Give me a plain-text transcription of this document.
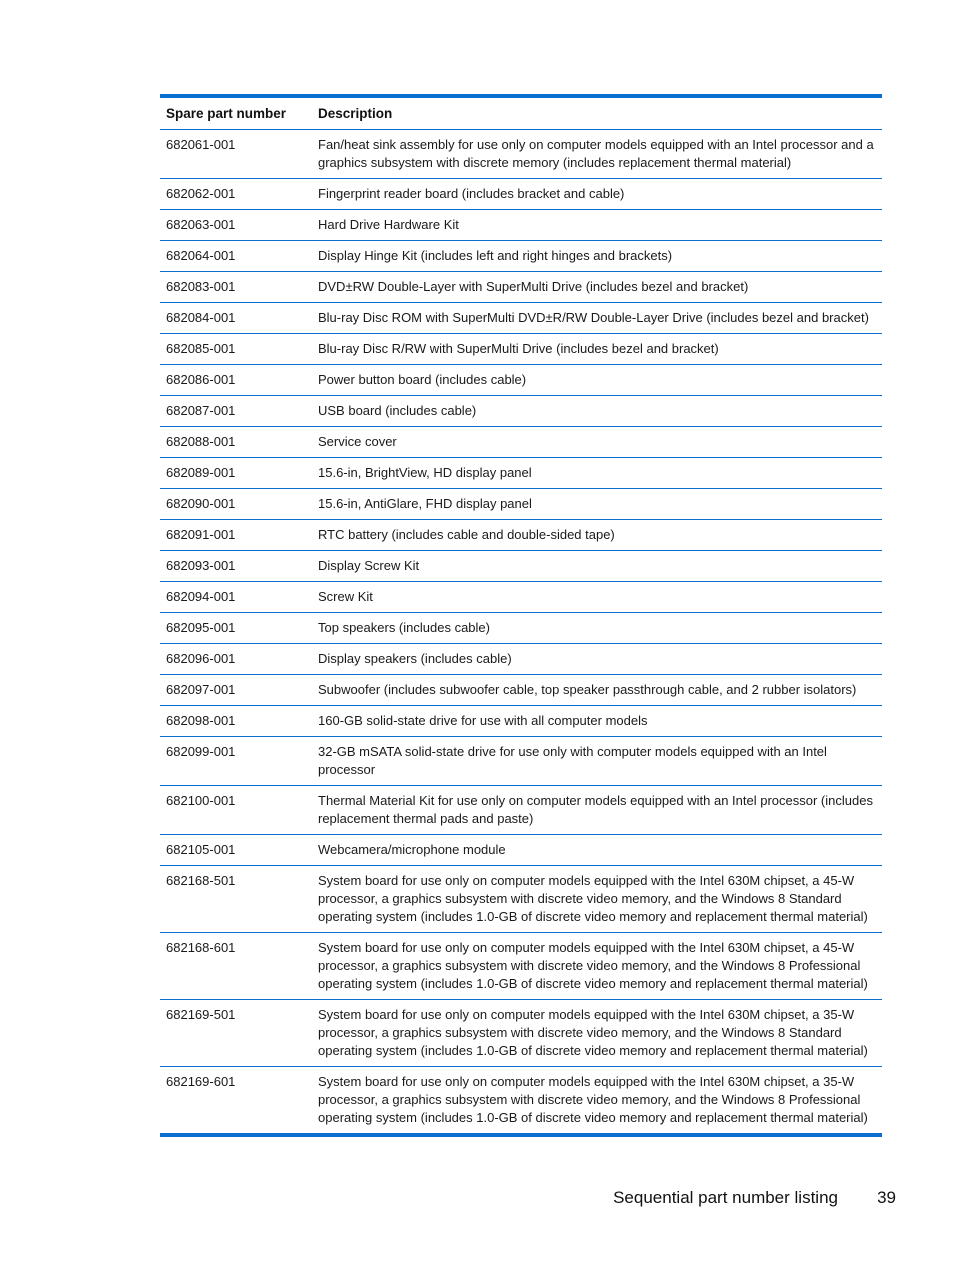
Spare part number	Description
682061-001	Fan/heat sink assembly for use only on computer models equipped with an Intel processor and a graphics subsystem with discrete memory (includes replacement thermal material)
682062-001	Fingerprint reader board (includes bracket and cable)
682063-001	Hard Drive Hardware Kit
682064-001	Display Hinge Kit (includes left and right hinges and brackets)
682083-001	DVD±RW Double-Layer with SuperMulti Drive (includes bezel and bracket)
682084-001	Blu-ray Disc ROM with SuperMulti DVD±R/RW Double-Layer Drive (includes bezel and bracket)
682085-001	Blu-ray Disc R/RW with SuperMulti Drive (includes bezel and bracket)
682086-001	Power button board (includes cable)
682087-001	USB board (includes cable)
682088-001	Service cover
682089-001	15.6-in, BrightView, HD display panel
682090-001	15.6-in, AntiGlare, FHD display panel
682091-001	RTC battery (includes cable and double-sided tape)
682093-001	Display Screw Kit
682094-001	Screw Kit
682095-001	Top speakers (includes cable)
682096-001	Display speakers (includes cable)
682097-001	Subwoofer (includes subwoofer cable, top speaker passthrough cable, and 2 rubber isolators)
682098-001	160-GB solid-state drive for use with all computer models
682099-001	32-GB mSATA solid-state drive for use only with computer models equipped with an Intel processor
682100-001	Thermal Material Kit for use only on computer models equipped with an Intel processor (includes replacement thermal pads and paste)
682105-001	Webcamera/microphone module
682168-501	System board for use only on computer models equipped with the Intel 630M chipset, a 45-W processor, a graphics subsystem with discrete video memory, and the Windows 8 Standard operating system (includes 1.0-GB of discrete video memory and replacement thermal material)
682168-601	System board for use only on computer models equipped with the Intel 630M chipset, a 45-W processor, a graphics subsystem with discrete video memory, and the Windows 8 Professional operating system (includes 1.0-GB of discrete video memory and replacement thermal material)
682169-501	System board for use only on computer models equipped with the Intel 630M chipset, a 35-W processor, a graphics subsystem with discrete video memory, and the Windows 8 Standard operating system (includes 1.0-GB of discrete video memory and replacement thermal material)
682169-601	System board for use only on computer models equipped with the Intel 630M chipset, a 35-W processor, a graphics subsystem with discrete video memory, and the Windows 8 Professional operating system (includes 1.0-GB of discrete video memory and replacement thermal material)
Sequential part number listing 39
